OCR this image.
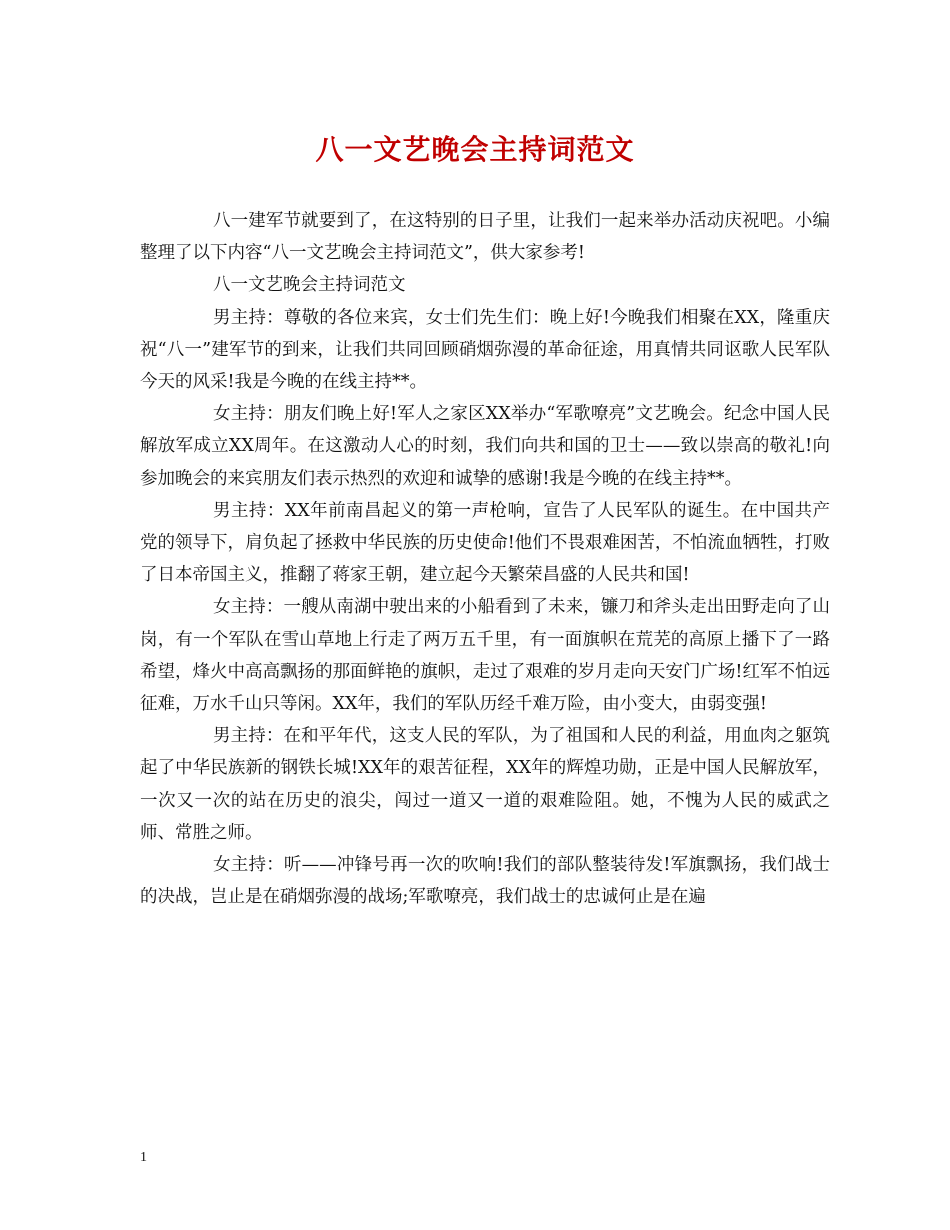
八一文艺晚会主持词范文

八一建军节就要到了，在这特别的日子里，让我们一起来举办活动庆祝吧。小编整理了以下内容“八一文艺晚会主持词范文”，供大家参考!

八一文艺晚会主持词范文

男主持：尊敬的各位来宾，女士们先生们：晚上好!今晚我们相聚在XX，隆重庆祝“八一”建军节的到来，让我们共同回顾硝烟弥漫的革命征途，用真情共同讴歌人民军队今天的风采!我是今晚的在线主持**。

女主持：朋友们晚上好!军人之家区XX举办“军歌嘹亮”文艺晚会。纪念中国人民解放军成立XX周年。在这激动人心的时刻，我们向共和国的卫士——致以崇高的敬礼!向参加晚会的来宾朋友们表示热烈的欢迎和诚挚的感谢!我是今晚的在线主持**。

男主持：XX年前南昌起义的第一声枪响，宣告了人民军队的诞生。在中国共产党的领导下，肩负起了拯救中华民族的历史使命!他们不畏艰难困苦，不怕流血牺牲，打败了日本帝国主义，推翻了蒋家王朝，建立起今天繁荣昌盛的人民共和国!

女主持：一艘从南湖中驶出来的小船看到了未来，镰刀和斧头走出田野走向了山岗，有一个军队在雪山草地上行走了两万五千里，有一面旗帜在荒芜的高原上播下了一路希望，烽火中高高飘扬的那面鲜艳的旗帜，走过了艰难的岁月走向天安门广场!红军不怕远征难，万水千山只等闲。XX年，我们的军队历经千难万险，由小变大，由弱变强!

男主持：在和平年代，这支人民的军队，为了祖国和人民的利益，用血肉之躯筑起了中华民族新的钢铁长城!XX年的艰苦征程，XX年的辉煌功勋，正是中国人民解放军，一次又一次的站在历史的浪尖，闯过一道又一道的艰难险阻。她，不愧为人民的威武之师、常胜之师。

女主持：听——冲锋号再一次的吹响!我们的部队整装待发!军旗飘扬，我们战士的决战，岂止是在硝烟弥漫的战场;军歌嘹亮，我们战士的忠诚何止是在遍

1
